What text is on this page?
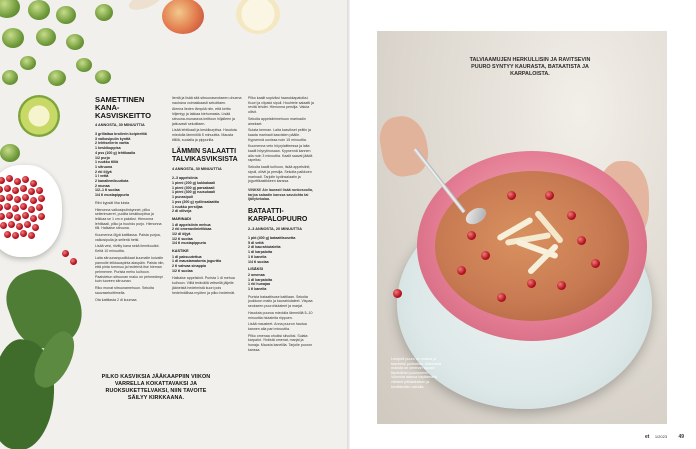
SAMETTINEN KANA-KASVISKEITTO
4 ANNOSTA, 30 MINUUTTIA
3 grillattua broilerin koipireittä
3 valkosipulin kynttä
2 lehtisellerin vartta
1 keskikuppisa
4 pss (100 g) lehtikaalia
1/2 purjo
1 ruukku tilliä
1 sitruuna
2 rkl öljyä
1 l vettä
2 kanaliemikuutiota
2 munaa
1/2–1 tl suolaa
1/4 tl mustapippuria

Riivi kypsät liha luista.

Hienonna valkosipulinkynnet, pilko sellerinvarret, puolita keskikurpitsa ja leikkaa se 1 cm:n paloiksi. Hienonna lehtikaali, pilko ja huuhdo purjo. Hienonna tilli. Halkaise sitruuna.

Kuumenna öljyä kattilassa. Paista purjoa, valkosipulia ja selleriä hetki.

Lisää vesi, riivitty kana sekä liemikuutiot. Keitä 10 minuuttia.

Laita sitruunanpuolikkaat kuumalle kuivalle pannulle leikkauspinta alaspäin. Paista niin, että pinta tummuu ja hedelmä itse hieman pehmenee. Purista mehu kulhoon. Paahdetun sitruunan maku on pehmeämpi kuin tuoreen sitruunan.

Riko munat sitruunamehuun. Sekoita sauvasekoittimella.

Ota kattilasta 2 dl kuumaa

lientä ja lisää sitä sitruunaseokseen ohuena nauhana voimakkaasti sekoittaen.

Alenna lieden lämpöä niin, että keitto hiljentyy ja lakkaa kiehumasta. Lisää sitruuna-munaseos keittoon hiljalleen ja jatkuvasti sekoittaen.

Lisää lehtikaali ja keskikurpitsa. Hauduta miedolla lämmöllä 5 minuuttia. Mausta tillillä, suolalla ja pippurilla.

LÄMMIN SALAATTI TALVIKASVIKSISTA
4 ANNOSTA, 30 MINUUTTIA
2–3 appelsiinia
1 pieni (200 g) kukkakaali
1 pieni (300 g) parsakaali
1 pieni (300 g) ruusukaali
1 punasipuli
1 pss (200 g) rydlinsalaattia
1 ruukku persiljaa
2 dl oliiveja
MARINADI
1 dl appelsiinin mehua
2 rkl omenaviinietikkaa
1/2 dl öljyä
1/2 tl suolaa
1/4 tl mustapippuria
KASTIKE
1 dl paksuutettua
1 dl maustamatonta jogurttia
2 tl vahvaa sinappia
1/2 tl suolaa

Halkaise appelsiinit. Purista 1 dl mehua kulhoon. Viillä terävällä veitsellä jäljelle jääneistä hedelmistä kuori pois hedelmälihaa myöten ja pilko hedelmät.

Pilko kaalit sopiviksi haarukkapaloiksi. Kuori ja viipaloi sipuli. Huuhtele salaatti ja revitä lehdet. Hienonna persilja. Valuta oliivit.

Sekoita appelsiinimehuun marinadin ainekset.

Sulata kerman. Laita kasvikset peltiin ja kaada marinadi kasvisten päälle. Kypsennä uunissa noin 15 minuuttia.

Kuumenna veto höyrylaitteessa ja laita kaalit höyrytinosaan. Kypsennä kannen alla noin 3 minuuttia. Kaalit saavat jäädä rapeiksi.

Sekoita kaalit kulhoon, lisää appelsiinit, sipuli, oliivit ja persilja. Sekoita paikkoen marinadi. Tarjoile kydinsalaatin ja jogurttikastikkeen kanssa.

VINKKI! Aiv laurasti lisää runkosoolla, tarjoa salaatin kanssa savulohta tai ljällykekalaa.

BATAATTI-KARPALOPUURO
2–3 ANNOSTA, 20 MINUUTTIA
1 pkt (400 g) bataattisosetta
5 dl vettä
2 dl kaurahiutaleita
1 dl karpaloita
1 tl kanelia
1/4 tl suolaa
LISÄKSI
2 omenaa
1 dl karpaloita
1 rkl hunajaa
1 tl kanelia

Purista bataattisose kattilaan. Sekoita joukkoon maito ja kaurahiutaleet. Vispaa seokseen puurohiutaleet ja marjat.

Hauduta puuroa miedolla lämmöllä 5–10 minuuttia hiutaleita riippuen.

Lisää mausteet. Anna puuron hautua kannen alla pari minuuttia.

Pilko omenaa ohuiksi siivuiksi. Sulata karpalot. Yhdistä omenat, marjat ja hunaja. Mausta kanelilla. Tarjoile puuron kanssa.

PILKO KASVIKSIA JÄÄKAAPPIIN VIIKON VARRELLA KOKATTAVAKSI JA RUOKSUKETTELVAKSI, NIIN TAVOITE SÄILYY KIRKKAANA.
TALVIAAMUJEN HERKULLISIN JA RAVITSEVIN PUURO SYNTYY KAURASTA, BATAATISTA JA KARPALOISTA.
Lempeä puuro on makea ja tarpeeksi pulleahan. Makeasta mausta on omenan tapaan täydellinen puuroomen. Voimista aamua käyttämällä vähänä pitkäaikaisen ja kenttämään valioilla.
et 1/2023 49
